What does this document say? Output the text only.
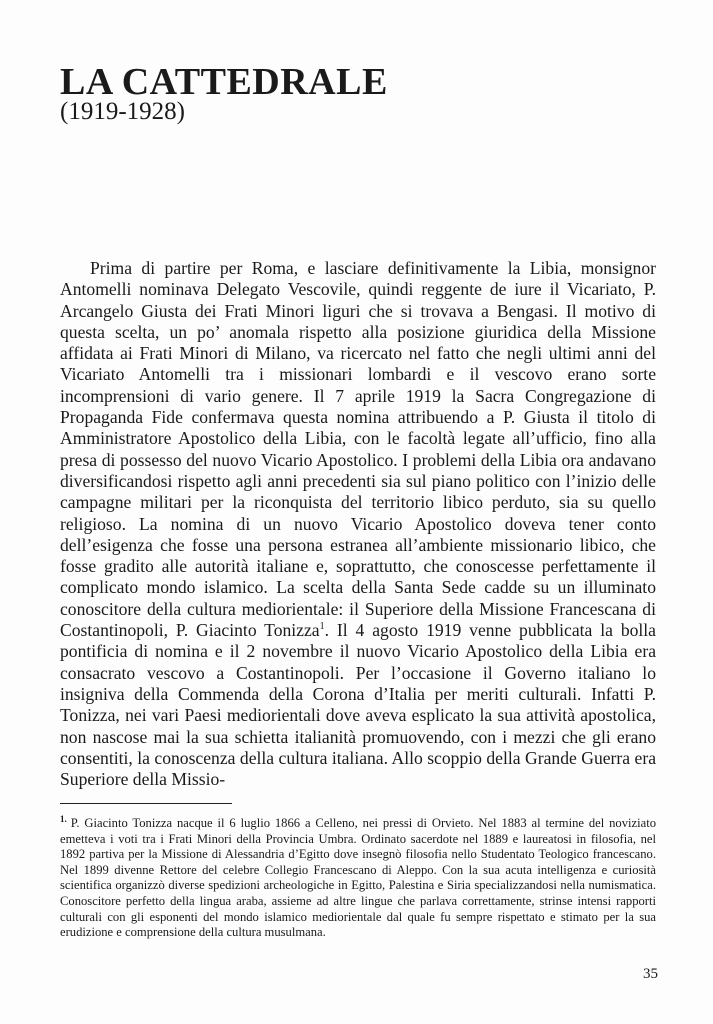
LA CATTEDRALE
(1919-1928)

Prima di partire per Roma, e lasciare definitivamente la Libia, monsignor Antomelli nominava Delegato Vescovile, quindi reggente de iure il Vicariato, P. Arcangelo Giusta dei Frati Minori liguri che si trovava a Bengasi. Il motivo di questa scelta, un po’ anomala rispetto alla posizione giuridica della Missione affidata ai Frati Minori di Milano, va ricercato nel fatto che negli ultimi anni del Vicariato Antomelli tra i missionari lombardi e il vescovo erano sorte incomprensioni di vario genere. Il 7 aprile 1919 la Sacra Congregazione di Propaganda Fide confermava questa nomina attribuendo a P. Giusta il titolo di Amministratore Apostolico della Libia, con le facoltà legate all’ufficio, fino alla presa di possesso del nuovo Vicario Apostolico. I problemi della Libia ora andavano diversificandosi rispetto agli anni precedenti sia sul piano politico con l’inizio delle campagne militari per la riconquista del territorio libico perduto, sia su quello religioso. La nomina di un nuovo Vicario Apostolico doveva tener conto dell’esigenza che fosse una persona estranea all’ambiente missionario libico, che fosse gradito alle autorità italiane e, soprattutto, che conoscesse perfettamente il complicato mondo islamico. La scelta della Santa Sede cadde su un illuminato conoscitore della cultura mediorientale: il Superiore della Missione Francescana di Costantinopoli, P. Giacinto Tonizza$^1$. Il 4 agosto 1919 venne pubblicata la bolla pontificia di nomina e il 2 novembre il nuovo Vicario Apostolico della Libia era consacrato vescovo a Costantinopoli. Per l’occasione il Governo italiano lo insigniva della Commenda della Corona d’Italia per meriti culturali. Infatti P. Tonizza, nei vari Paesi mediorientali dove aveva esplicato la sua attività apostolica, non nascose mai la sua schietta italianità promuovendo, con i mezzi che gli erano consentiti, la conoscenza della cultura italiana. Allo scoppio della Grande Guerra era Superiore della Missio-

$^{1.}$ P. Giacinto Tonizza nacque il 6 luglio 1866 a Celleno, nei pressi di Orvieto. Nel 1883 al termine del noviziato emetteva i voti tra i Frati Minori della Provincia Umbra. Ordinato sacerdote nel 1889 e laureatosi in filosofia, nel 1892 partiva per la Missione di Alessandria d’Egitto dove insegnò filosofia nello Studentato Teologico francescano. Nel 1899 divenne Rettore del celebre Collegio Francescano di Aleppo. Con la sua acuta intelligenza e curiosità scientifica organizzò diverse spedizioni archeologiche in Egitto, Palestina e Siria specializzandosi nella numismatica. Conoscitore perfetto della lingua araba, assieme ad altre lingue che parlava correttamente, strinse intensi rapporti culturali con gli esponenti del mondo islamico mediorientale dal quale fu sempre rispettato e stimato per la sua erudizione e comprensione della cultura musulmana.

35
